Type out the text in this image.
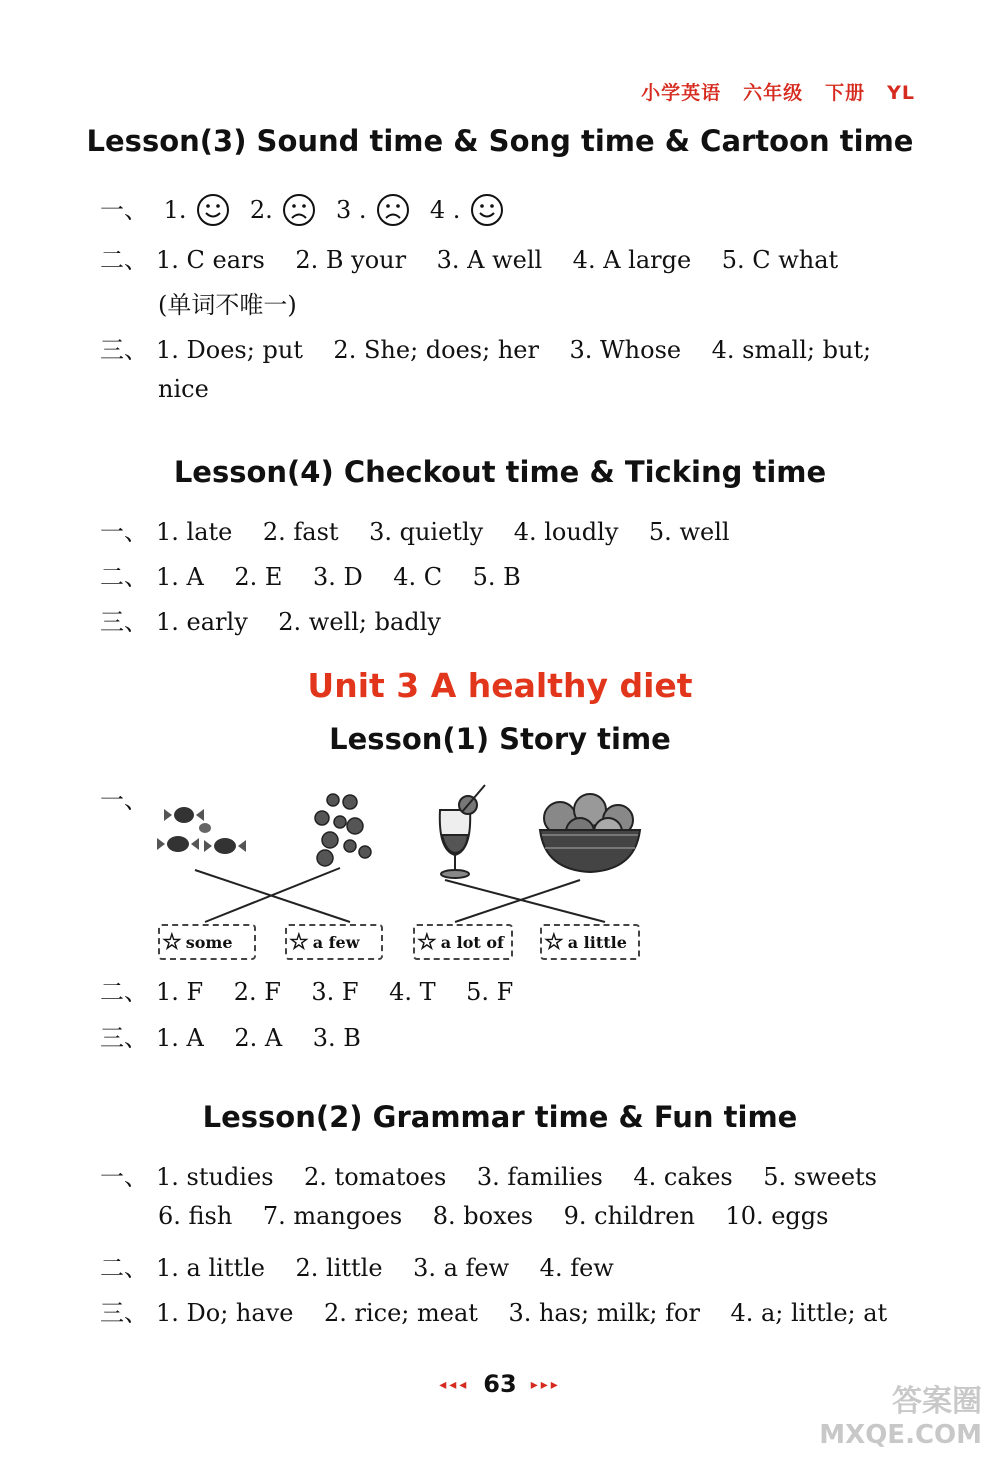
小学英语 六年级 下册 YL
Lesson(3) Sound time & Song time & Cartoon time
一、 1.	2.	3 .	4 .
二、 1. C ears    2. B your    3. A well    4. A large    5. C what
(单词不唯一)
三、 1. Does; put    2. She; does; her    3. Whose    4. small; but;
nice
Lesson(4) Checkout time & Ticking time
一、 1. late    2. fast    3. quietly    4. loudly    5. well
二、 1. A    2. E    3. D    4. C    5. B
三、 1. early    2. well; badly
Unit 3 A healthy diet
Lesson(1) Story time
一、
☆ some	☆ a few	☆ a lot of ☆ a little
二、 1. F    2. F    3. F    4. T    5. F
三、 1. A    2. A    3. B
Lesson(2) Grammar time & Fun time
一、 1. studies    2. tomatoes    3. families    4. cakes    5. sweets
6. fish    7. mangoes    8. boxes    9. children    10. eggs
二、 1. a little    2. little    3. a few    4. few
三、 1. Do; have    2. rice; meat    3. has; milk; for    4. a; little; at
◂◂◂ 63 ▸▸▸	答案圈
MXQE.COM
